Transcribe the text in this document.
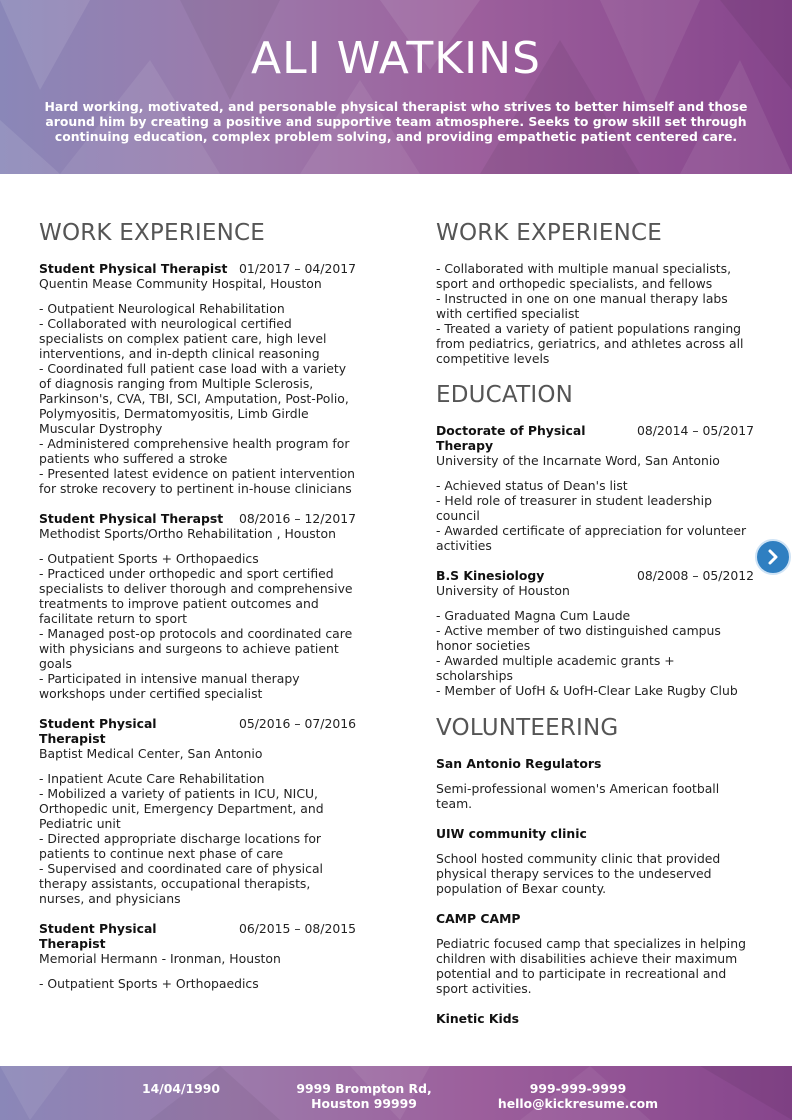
ALI WATKINS
Hard working, motivated, and personable physical therapist who strives to better himself and those around him by creating a positive and supportive team atmosphere. Seeks to grow skill set through continuing education, complex problem solving, and providing empathetic patient centered care.
WORK EXPERIENCE
Student Physical Therapist 01/2017 – 04/2017
Quentin Mease Community Hospital, Houston
- Outpatient Neurological Rehabilitation
- Collaborated with neurological certified specialists on complex patient care, high level interventions, and in-depth clinical reasoning
- Coordinated full patient case load with a variety of diagnosis ranging from Multiple Sclerosis, Parkinson's, CVA, TBI, SCI, Amputation, Post-Polio, Polymyositis, Dermatomyositis, Limb Girdle Muscular Dystrophy
- Administered comprehensive health program for patients who suffered a stroke
- Presented latest evidence on patient intervention for stroke recovery to pertinent in-house clinicians
Student Physical Therapst	08/2016 – 12/2017
Methodist Sports/Ortho Rehabilitation , Houston
- Outpatient Sports + Orthopaedics
- Practiced under orthopedic and sport certified specialists to deliver thorough and comprehensive treatments to improve patient outcomes and facilitate return to sport
- Managed post-op protocols and coordinated care with physicians and surgeons to achieve patient goals
- Participated in intensive manual therapy workshops under certified specialist
Student Physical Therapist
05/2016 – 07/2016
Baptist Medical Center, San Antonio
- Inpatient Acute Care Rehabilitation
- Mobilized a variety of patients in ICU, NICU, Orthopedic unit, Emergency Department, and Pediatric unit
- Directed appropriate discharge locations for patients to continue next phase of care
- Supervised and coordinated care of physical therapy assistants, occupational therapists, nurses, and physicians
Student Physical Therapist
06/2015 – 08/2015
Memorial Hermann - Ironman, Houston
- Outpatient Sports + Orthopaedics
WORK EXPERIENCE
- Collaborated with multiple manual specialists, sport and orthopedic specialists, and fellows
- Instructed in one on one manual therapy labs with certified specialist
- Treated a variety of patient populations ranging from pediatrics, geriatrics, and athletes across all competitive levels
EDUCATION
Doctorate of Physical Therapy
08/2014 – 05/2017
University of the Incarnate Word, San Antonio
- Achieved status of Dean's list
- Held role of treasurer in student leadership council
- Awarded certificate of appreciation for volunteer activities
B.S Kinesiology	08/2008 – 05/2012
University of Houston
- Graduated Magna Cum Laude
- Active member of two distinguished campus honor societies
- Awarded multiple academic grants + scholarships
- Member of UofH & UofH-Clear Lake Rugby Club
VOLUNTEERING
San Antonio Regulators
Semi-professional women's American football team.
UIW community clinic
School hosted community clinic that provided physical therapy services to the undeserved population of Bexar county.
CAMP CAMP
Pediatric focused camp that specializes in helping children with disabilities achieve their maximum potential and to participate in recreational and sport activities.
Kinetic Kids
14/04/1990	9999 Brompton Rd,
Houston 99999
999-999-9999
hello@kickresume.com
